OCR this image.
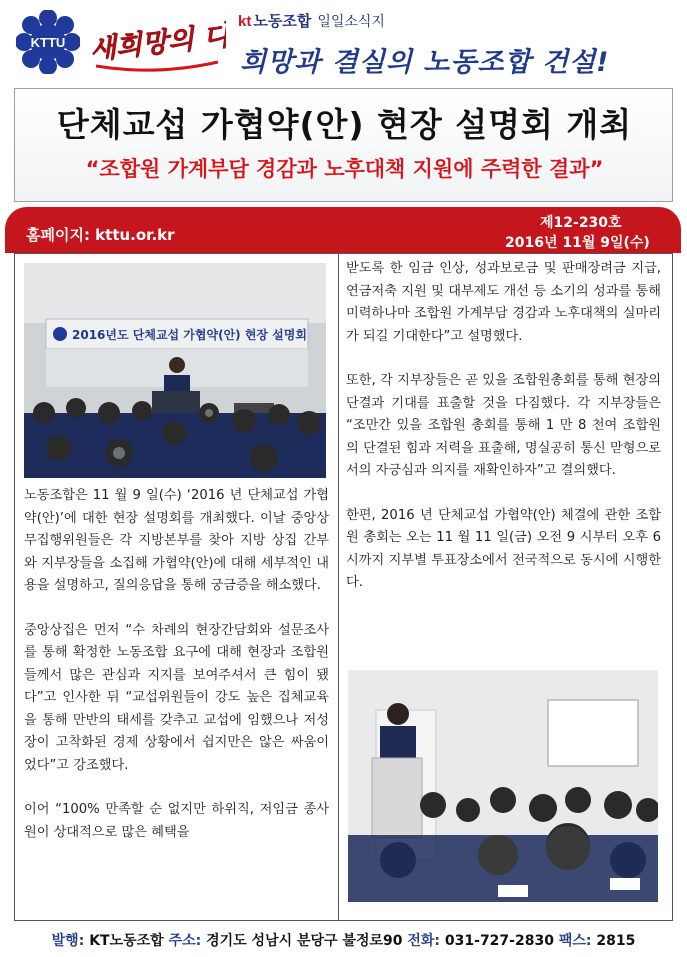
KTTU 새희망의 디딤돌
kt 노동조합 일일소식지
희망과 결실의 노동조합 건설!
단체교섭 가협약(안) 현장 설명회 개최
“조합원 가계부담 경감과 노후대책 지원에 주력한 결과”
홈페이지: kttu.or.kr
제12-230호
2016년 11월 9일(수)
2016년도 단체교섭 가협약(안) 현장 설명회

노동조합은 11 월 9 일(수) ‘2016 년 단체교섭 가협약(안)’에 대한 현장 설명회를 개최했다. 이날 중앙상무집행위원들은 각 지방본부를 찾아 지방 상집 간부와 지부장들을 소집해 가협약(안)에 대해 세부적인 내용을 설명하고, 질의응답을 통해 궁금증을 해소했다.

중앙상집은 먼저 “수 차례의 현장간담회와 설문조사를 통해 확정한 노동조합 요구에 대해 현장과 조합원들께서 많은 관심과 지지를 보여주셔서 큰 힘이 됐다”고 인사한 뒤 “교섭위원들이 강도 높은 집체교육을 통해 만반의 태세를 갖추고 교섭에 임했으나 저성장이 고착화된 경제 상황에서 쉽지만은 않은 싸움이었다”고 강조했다.

이어 “100% 만족할 순 없지만 하위직, 저임금 종사원이 상대적으로 많은 혜택을

받도록 한 임금 인상, 성과보로금 및 판매장려금 지급, 연금저축 지원 및 대부제도 개선 등 소기의 성과를 통해 미력하나마 조합원 가계부담 경감과 노후대책의 실마리가 되길 기대한다”고 설명했다.

또한, 각 지부장들은 곧 있을 조합원총회를 통해 현장의 단결과 기대를 표출할 것을 다짐했다. 각 지부장들은 “조만간 있을 조합원 총회를 통해 1 만 8 천여 조합원의 단결된 힘과 저력을 표출해, 명실공히 통신 맏형으로서의 자긍심과 의지를 재확인하자”고 결의했다.

한편, 2016 년 단체교섭 가협약(안) 체결에 관한 조합원 총회는 오는 11 월 11 일(금) 오전 9 시부터 오후 6 시까지 지부별 투표장소에서 전국적으로 동시에 시행한다.

발행: KT노동조합 주소: 경기도 성남시 분당구 불정로90 전화: 031-727-2830 팩스: 2815
